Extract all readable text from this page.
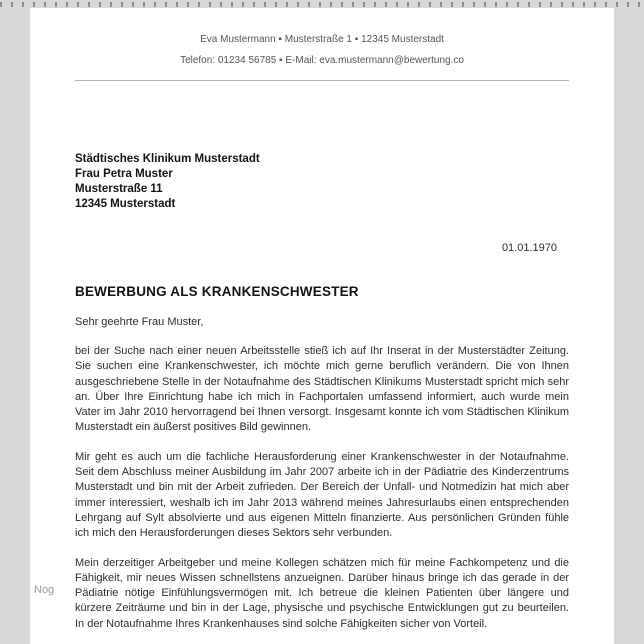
Eva Mustermann ▪ Musterstraße 1 ▪ 12345 Musterstadt
Telefon: 01234 56785 ▪ E-Mail: eva.mustermann@bewertung.co
Städtisches Klinikum Musterstadt
Frau Petra Muster
Musterstraße 11
12345 Musterstadt
01.01.1970
BEWERBUNG ALS KRANKENSCHWESTER
Sehr geehrte Frau Muster,

bei der Suche nach einer neuen Arbeitsstelle stieß ich auf Ihr Inserat in der Musterstädter Zeitung. Sie suchen eine Krankenschwester, ich möchte mich gerne beruflich verändern. Die von Ihnen ausgeschriebene Stelle in der Notaufnahme des Städtischen Klinikums Musterstadt spricht mich sehr an. Über Ihre Einrichtung habe ich mich in Fachportalen umfassend informiert, auch wurde mein Vater im Jahr 2010 hervorragend bei Ihnen versorgt. Insgesamt konnte ich vom Städtischen Klinikum Musterstadt ein äußerst positives Bild gewinnen.

Mir geht es auch um die fachliche Herausforderung einer Krankenschwester in der Notaufnahme. Seit dem Abschluss meiner Ausbildung im Jahr 2007 arbeite ich in der Pädiatrie des Kinderzentrums Musterstadt und bin mit der Arbeit zufrieden. Der Bereich der Unfall- und Notmedizin hat mich aber immer interessiert, weshalb ich im Jahr 2013 während meines Jahresurlaubs einen entsprechenden Lehrgang auf Sylt absolvierte und aus eigenen Mitteln finanzierte. Aus persönlichen Gründen fühle ich mich den Herausforderungen dieses Sektors sehr verbunden.

Mein derzeitiger Arbeitgeber und meine Kollegen schätzen mich für meine Fachkompetenz und die Fähigkeit, mir neues Wissen schnellstens anzueignen. Darüber hinaus bringe ich das gerade in der Pädiatrie nötige Einfühlungsvermögen mit. Ich betreue die kleinen Patienten über längere und kürzere Zeiträume und bin in der Lage, physische und psychische Entwicklungen gut zu beurteilen. In der Notaufnahme Ihres Krankenhauses sind solche Fähigkeiten sicher von Vorteil.

Nog
